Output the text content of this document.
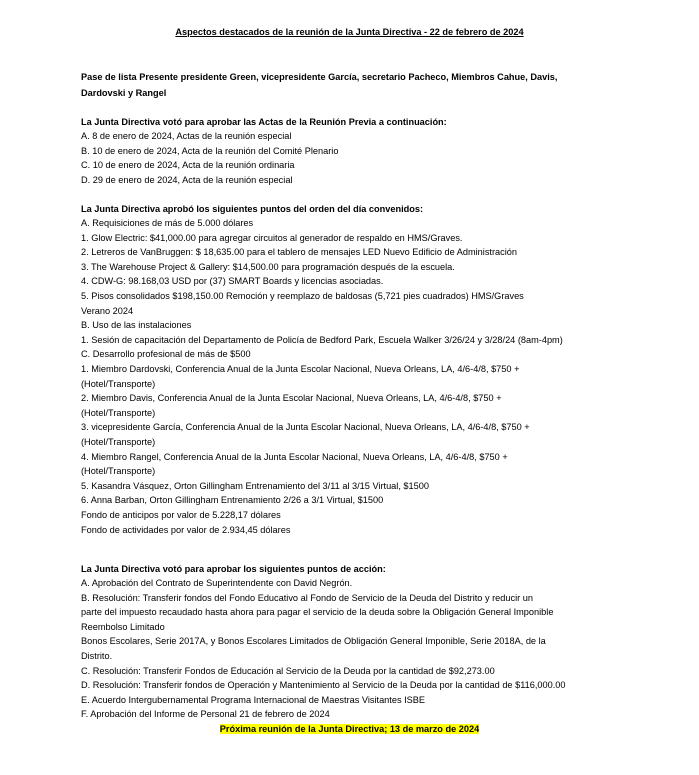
Aspectos destacados de la reunión de la Junta Directiva - 22 de febrero de 2024
Pase de lista Presente presidente Green, vicepresidente García, secretario Pacheco, Miembros Cahue, Davis,
Dardovski y Rangel
La Junta Directiva votó para aprobar las Actas de la Reunión Previa a continuación:
A. 8 de enero de 2024, Actas de la reunión especial
B. 10 de enero de 2024, Acta de la reunión del Comité Plenario
C. 10 de enero de 2024, Acta de la reunión ordinaria
D. 29 de enero de 2024, Acta de la reunión especial
La Junta Directiva aprobó los siguientes puntos del orden del día convenidos:
A. Requisiciones de más de 5.000 dólares
1. Glow Electric: $41,000.00 para agregar circuitos al generador de respaldo en HMS/Graves.
2. Letreros de VanBruggen: $ 18,635.00 para el tablero de mensajes LED Nuevo Edificio de Administración
3. The Warehouse Project & Gallery: $14,500.00 para programación después de la escuela.
4. CDW-G: 98.168,03 USD por (37) SMART Boards y licencias asociadas.
5. Pisos consolidados $198,150.00 Remoción y reemplazo de baldosas (5,721 pies cuadrados) HMS/Graves
Verano 2024
B. Uso de las instalaciones
1. Sesión de capacitación del Departamento de Policía de Bedford Park, Escuela Walker 3/26/24 y 3/28/24 (8am-4pm)
C. Desarrollo profesional de más de $500
1. Miembro Dardovski, Conferencia Anual de la Junta Escolar Nacional, Nueva Orleans, LA, 4/6-4/8, $750 +
(Hotel/Transporte)
2. Miembro Davis, Conferencia Anual de la Junta Escolar Nacional, Nueva Orleans, LA, 4/6-4/8, $750 +
(Hotel/Transporte)
3. vicepresidente García, Conferencia Anual de la Junta Escolar Nacional, Nueva Orleans, LA, 4/6-4/8, $750 +
(Hotel/Transporte)
4. Miembro Rangel, Conferencia Anual de la Junta Escolar Nacional, Nueva Orleans, LA, 4/6-4/8, $750 +
(Hotel/Transporte)
5. Kasandra Vásquez, Orton Gillingham Entrenamiento del 3/11 al 3/15 Virtual, $1500
6. Anna Barban, Orton Gillingham Entrenamiento 2/26 a 3/1 Virtual, $1500
Fondo de anticipos por valor de 5.228,17 dólares
Fondo de actividades por valor de 2.934,45 dólares
La Junta Directiva votó para aprobar los siguientes puntos de acción:
A. Aprobación del Contrato de Superintendente con David Negrón.
B. Resolución: Transferir fondos del Fondo Educativo al Fondo de Servicio de la Deuda del Distrito y reducir un
parte del impuesto recaudado hasta ahora para pagar el servicio de la deuda sobre la Obligación General Imponible
Reembolso Limitado
Bonos Escolares, Serie 2017A, y Bonos Escolares Limitados de Obligación General Imponible, Serie 2018A, de la
Distrito.
C. Resolución: Transferir Fondos de Educación al Servicio de la Deuda por la cantidad de $92,273.00
D. Resolución: Transferir fondos de Operación y Mantenimiento al Servicio de la Deuda por la cantidad de $116,000.00
E. Acuerdo Intergubernamental Programa Internacional de Maestras Visitantes ISBE
F. Aprobación del Informe de Personal 21 de febrero de 2024
Próxima reunión de la Junta Directiva; 13 de marzo de 2024
